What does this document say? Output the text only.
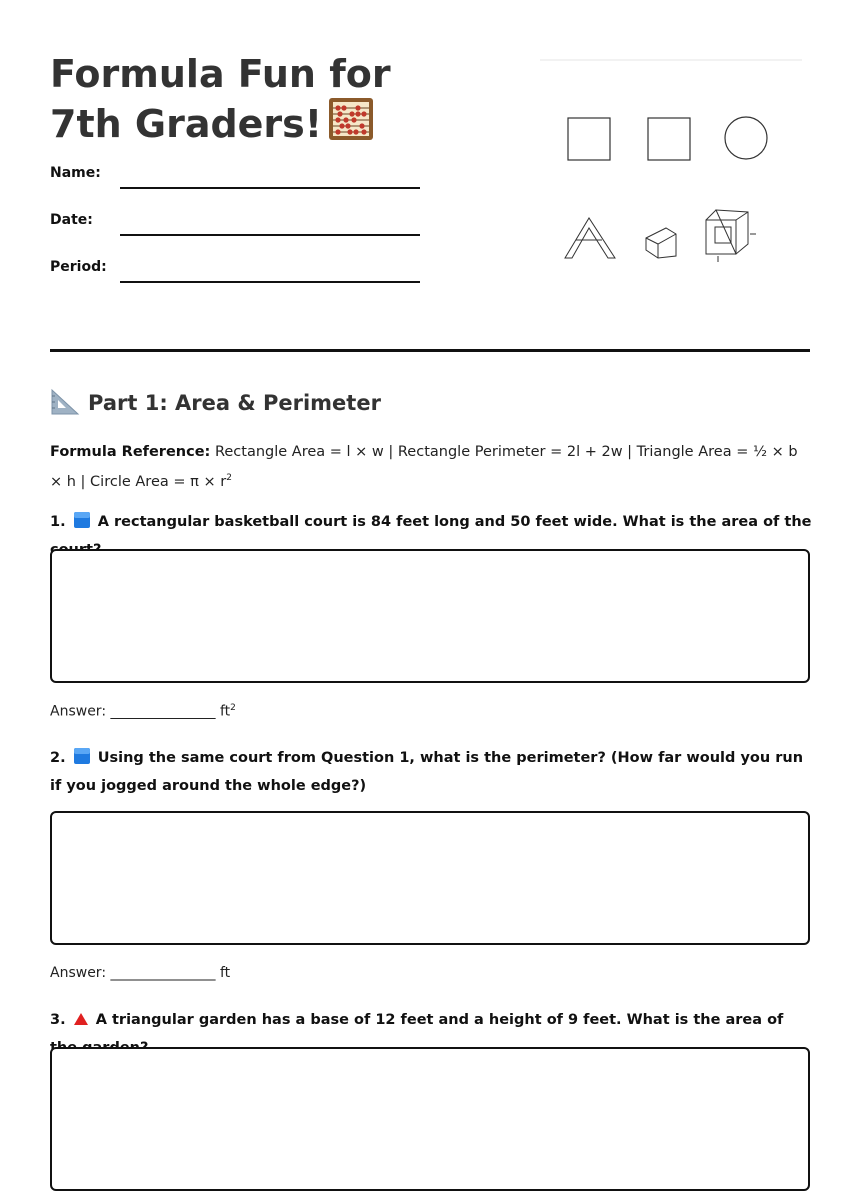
Formula Fun for 7th Graders!
Name:
Date:
Period:
Part 1: Area & Perimeter

Formula Reference: Rectangle Area = l × w | Rectangle Perimeter = 2l + 2w | Triangle Area = ½ × b × h | Circle Area = $\pi \times r^2$

1. A rectangular basketball court is 84 feet long and 50 feet wide. What is the area of the

Answer: _______________ $ft^2$

2. Using the same court from Question 1, what is the perimeter? (How far would you run if you jogged around the whole edge?)

Answer: _______________ ft

3. A triangular garden has a base of 12 feet and a height of 9 feet. What is the area of
